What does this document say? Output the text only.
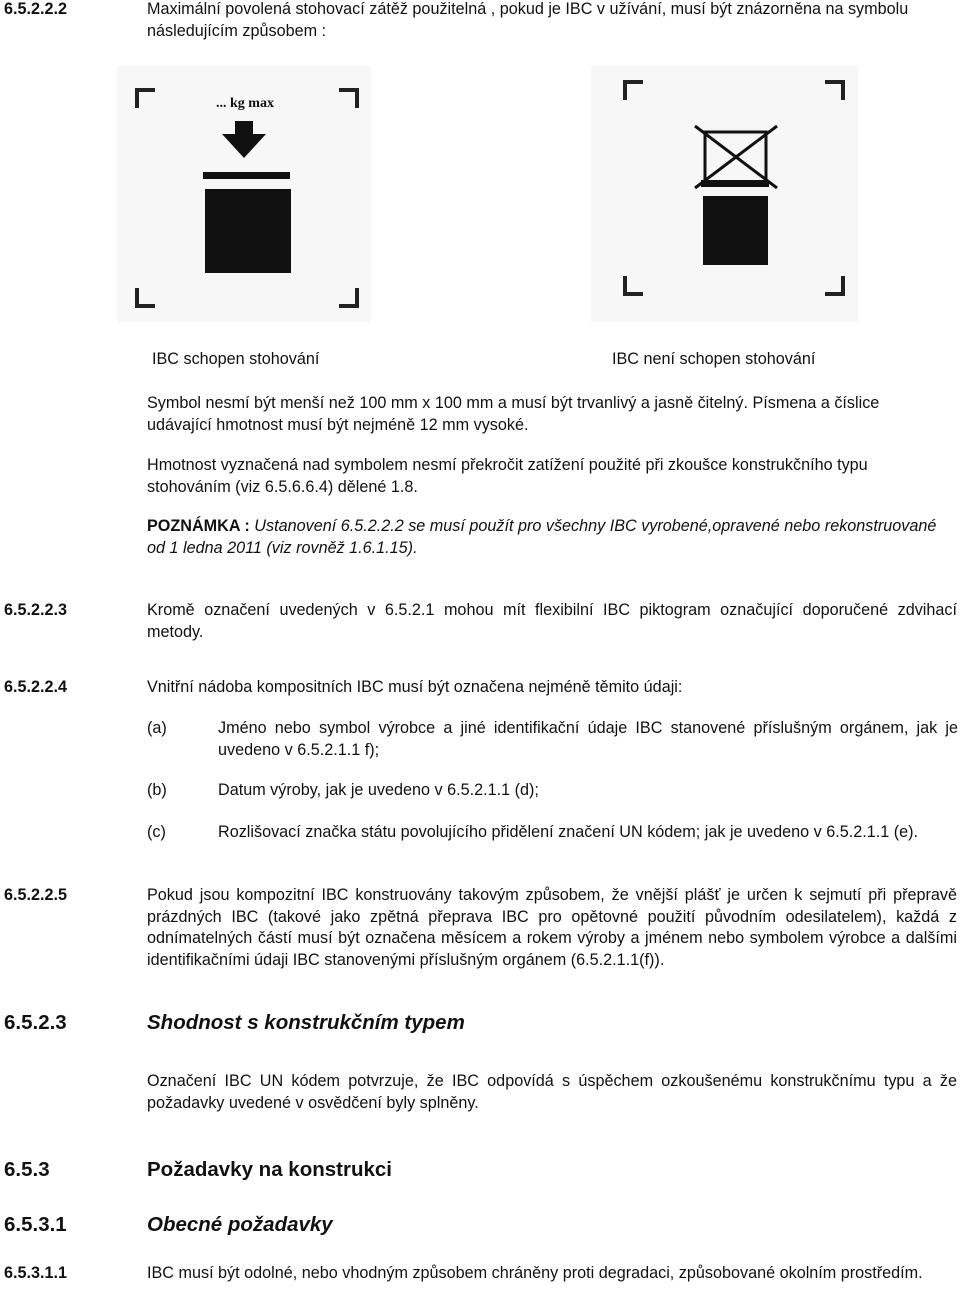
6.5.2.2.2	Maximální povolená stohovací zátěž použitelná , pokud je IBC v užívání, musí být znázorněna na symbolu následujícím způsobem :

... kg max
IBC schopen stohování	IBC není schopen stohování

Symbol nesmí být menší než 100 mm x 100 mm a musí být trvanlivý a jasně čitelný. Písmena a číslice udávající hmotnost musí být nejméně 12 mm vysoké.

Hmotnost vyznačená nad symbolem nesmí překročit zatížení použité při zkoušce konstrukčního typu stohováním (viz 6.5.6.6.4) dělené 1.8.

POZNÁMKA : Ustanovení 6.5.2.2.2 se musí použít pro všechny IBC vyrobené,opravené nebo rekonstruované od 1 ledna 2011 (viz rovněž 1.6.1.15).

6.5.2.2.3	Kromě označení uvedených v 6.5.2.1 mohou mít flexibilní IBC piktogram označující doporučené zdvihací metody.

6.5.2.2.4	Vnitřní nádoba kompositních IBC musí být označena nejméně těmito údaji:

(a)	Jméno nebo symbol výrobce a jiné identifikační údaje IBC stanovené příslušným orgánem, jak je uvedeno v 6.5.2.1.1 f);

(b)	Datum výroby, jak je uvedeno v 6.5.2.1.1 (d);

(c)	Rozlišovací značka státu povolujícího přidělení značení UN kódem; jak je uvedeno v 6.5.2.1.1 (e).

6.5.2.2.5	Pokud jsou kompozitní IBC konstruovány takovým způsobem, že vnější plášť je určen k sejmutí při přepravě prázdných IBC (takové jako zpětná přeprava IBC pro opětovné použití původním odesilatelem), každá z odnímatelných částí musí být označena měsícem a rokem výroby a jménem nebo symbolem výrobce a dalšími identifikačními údaji IBC stanovenými příslušným orgánem (6.5.2.1.1(f)).

6.5.2.3	Shodnost s konstrukčním typem

Označení IBC UN kódem potvrzuje, že IBC odpovídá s úspěchem ozkoušenému konstrukčnímu typu a že požadavky uvedené v osvědčení byly splněny.

6.5.3	Požadavky na konstrukci
6.5.3.1	Obecné požadavky
6.5.3.1.1	IBC musí být odolné, nebo vhodným způsobem chráněny proti degradaci, způsobované okolním prostředím.
